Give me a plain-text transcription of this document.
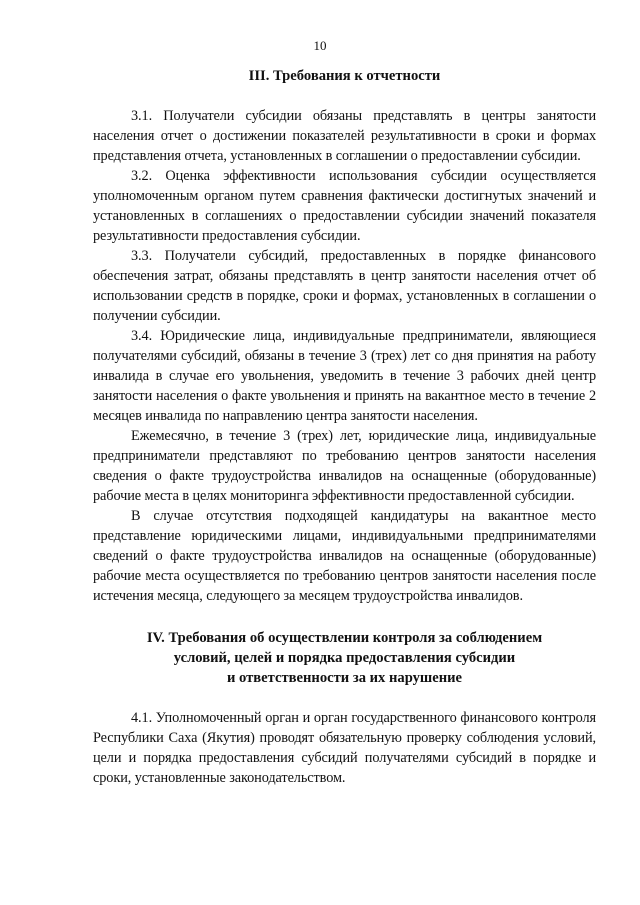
10
III. Требования к отчетности

3.1. Получатели субсидии обязаны представлять в центры занятости населения отчет о достижении показателей результативности в сроки и формах представления отчета, установленных в соглашении о предоставлении субсидии.

3.2. Оценка эффективности использования субсидии осуществляется уполномоченным органом путем сравнения фактически достигнутых значений и установленных в соглашениях о предоставлении субсидии значений показателя результативности предоставления субсидии.

3.3. Получатели субсидий, предоставленных в порядке финансового обеспечения затрат, обязаны представлять в центр занятости населения отчет об использовании средств в порядке, сроки и формах, установленных в соглашении о получении субсидии.

3.4. Юридические лица, индивидуальные предприниматели, являющиеся получателями субсидий, обязаны в течение 3 (трех) лет со дня принятия на работу инвалида в случае его увольнения, уведомить в течение 3 рабочих дней центр занятости населения о факте увольнения и принять на вакантное место в течение 2 месяцев инвалида по направлению центра занятости населения.

Ежемесячно, в течение 3 (трех) лет, юридические лица, индивидуальные предприниматели представляют по требованию центров занятости населения сведения о факте трудоустройства инвалидов на оснащенные (оборудованные) рабочие места в целях мониторинга эффективности предоставленной субсидии.

В случае отсутствия подходящей кандидатуры на вакантное место представление юридическими лицами, индивидуальными предпринимателями сведений о факте трудоустройства инвалидов на оснащенные (оборудованные) рабочие места осуществляется по требованию центров занятости населения после истечения месяца, следующего за месяцем трудоустройства инвалидов.

IV. Требования об осуществлении контроля за соблюдением
условий, целей и порядка предоставления субсидии
и ответственности за их нарушение

4.1. Уполномоченный орган и орган государственного финансового контроля Республики Саха (Якутия) проводят обязательную проверку соблюдения условий, цели и порядка предоставления субсидий получателями субсидий в порядке и сроки, установленные законодательством.
